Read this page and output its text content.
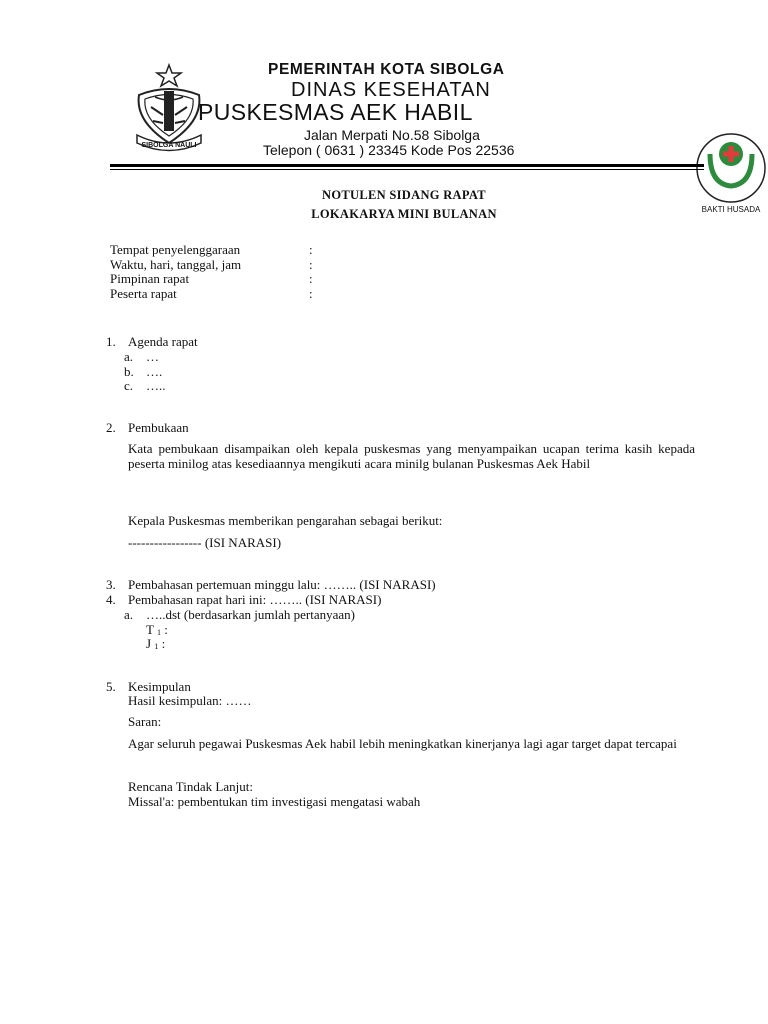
SIBOLGA NAULI
PEMERINTAH KOTA SIBOLGA
DINAS KESEHATAN
PUSKESMAS AEK HABIL
Jalan Merpati No.58 Sibolga
Telepon ( 0631 ) 23345 Kode Pos 22536
BAKTI HUSADA
NOTULEN SIDANG RAPAT
LOKAKARYA MINI BULANAN
Tempat penyelenggaraan	:
Waktu, hari, tanggal, jam	:
Pimpinan rapat	:
Peserta rapat	:
1. Agenda rapat
a. …
b. ….
c. …..
2. Pembukaan
Kata pembukaan disampaikan oleh kepala puskesmas yang menyampaikan ucapan terima kasih kepada peserta minilog atas kesediaannya mengikuti acara minilg bulanan Puskesmas Aek Habil
Kepala Puskesmas memberikan pengarahan sebagai berikut:
----------------- (ISI NARASI)
3. Pembahasan pertemuan minggu lalu: …….. (ISI NARASI)
4. Pembahasan rapat hari ini: …….. (ISI NARASI)
a. …..dst (berdasarkan jumlah pertanyaan)
T 1 :
J 1 :
5. Kesimpulan
Hasil kesimpulan: ……
Saran:
Agar seluruh pegawai Puskesmas Aek habil lebih meningkatkan kinerjanya lagi agar target dapat tercapai
Rencana Tindak Lanjut:
Missal'a: pembentukan tim investigasi mengatasi wabah
